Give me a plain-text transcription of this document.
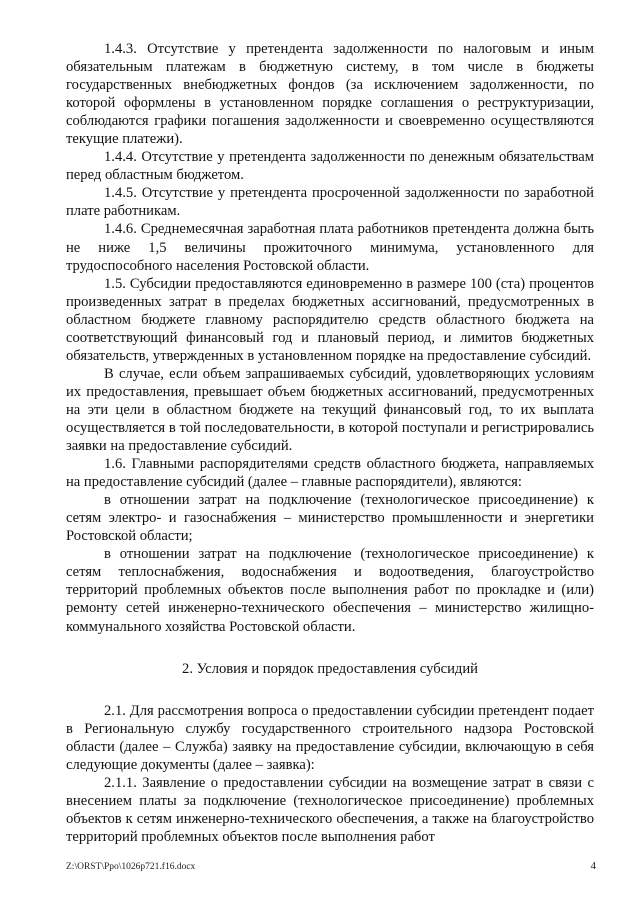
1.4.3. Отсутствие у претендента задолженности по налоговым и иным обязательным платежам в бюджетную систему, в том числе в бюджеты государственных внебюджетных фондов (за исключением задолженности, по которой оформлены в установленном порядке соглашения о реструктуризации, соблюдаются графики погашения задолженности и своевременно осуществляются текущие платежи).

1.4.4. Отсутствие у претендента задолженности по денежным обязательствам перед областным бюджетом.

1.4.5. Отсутствие у претендента просроченной задолженности по заработной плате работникам.

1.4.6. Среднемесячная заработная плата работников претендента должна быть не ниже 1,5 величины прожиточного минимума, установленного для трудоспособного населения Ростовской области.

1.5. Субсидии предоставляются единовременно в размере 100 (ста) процентов произведенных затрат в пределах бюджетных ассигнований, предусмотренных в областном бюджете главному распорядителю средств областного бюджета на соответствующий финансовый год и плановый период, и лимитов бюджетных обязательств, утвержденных в установленном порядке на предоставление субсидий.

В случае, если объем запрашиваемых субсидий, удовлетворяющих условиям их предоставления, превышает объем бюджетных ассигнований, предусмотренных на эти цели в областном бюджете на текущий финансовый год, то их выплата осуществляется в той последовательности, в которой поступали и регистрировались заявки на предоставление субсидий.

1.6. Главными распорядителями средств областного бюджета, направляемых на предоставление субсидий (далее – главные распорядители), являются:

в отношении затрат на подключение (технологическое присоединение) к сетям электро- и газоснабжения – министерство промышленности и энергетики Ростовской области;

в отношении затрат на подключение (технологическое присоединение) к сетям теплоснабжения, водоснабжения и водоотведения, благоустройство территорий проблемных объектов после выполнения работ по прокладке и (или) ремонту сетей инженерно-технического обеспечения – министерство жилищно-коммунального хозяйства Ростовской области.

2. Условия и порядок предоставления субсидий

2.1. Для рассмотрения вопроса о предоставлении субсидии претендент подает в Региональную службу государственного строительного надзора Ростовской области (далее – Служба) заявку на предоставление субсидии, включающую в себя следующие документы (далее – заявка):

2.1.1. Заявление о предоставлении субсидии на возмещение затрат в связи с внесением платы за подключение (технологическое присоединение) проблемных объектов к сетям инженерно-технического обеспечения, а также на благоустройство территорий проблемных объектов после выполнения работ

Z:\ORST\Ppo\1026p721.f16.docx	4
